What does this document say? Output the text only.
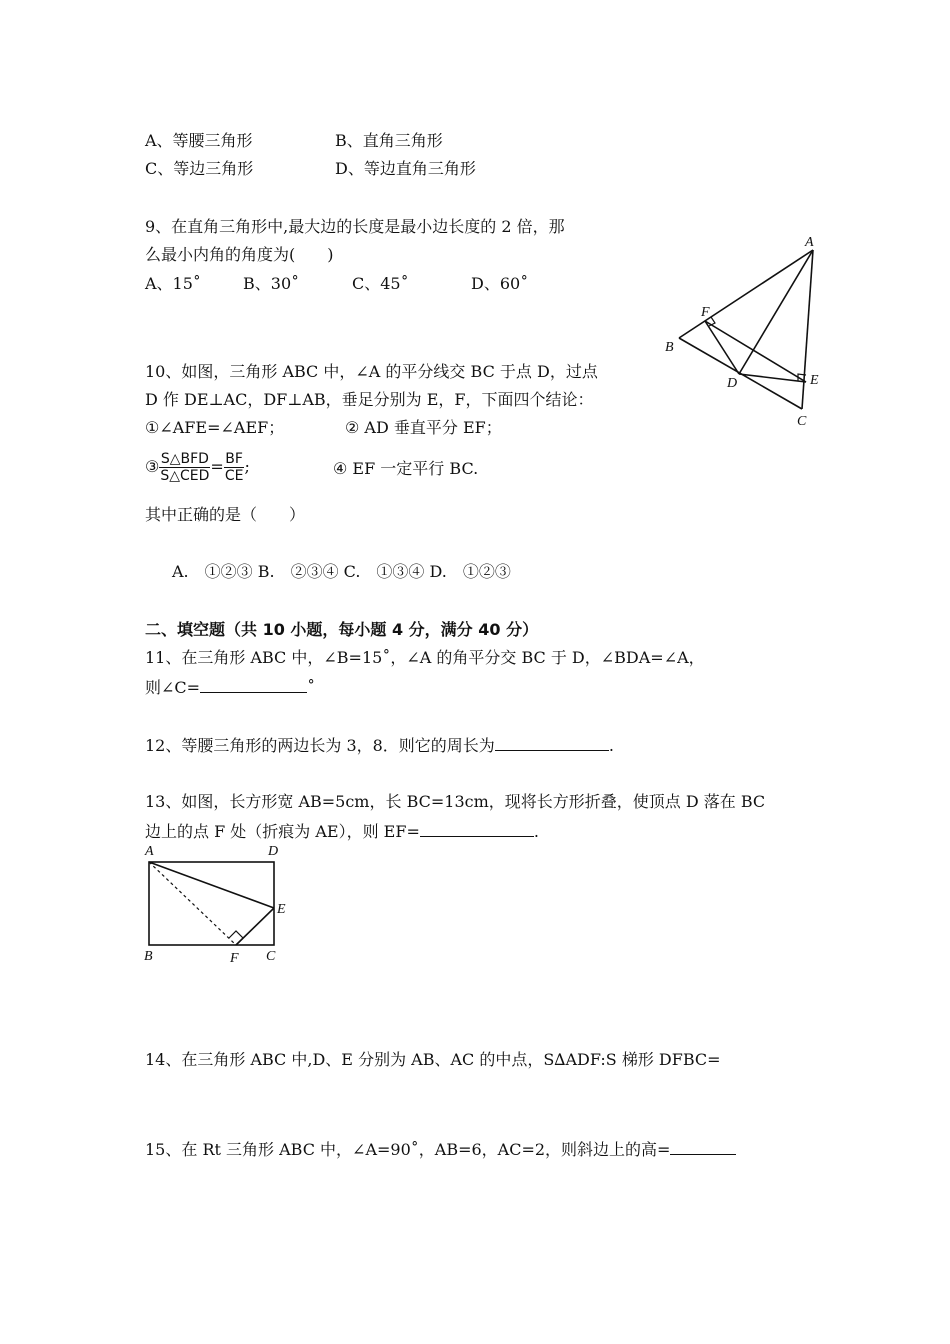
A、等腰三角形	B、直角三角形
C、等边三角形	D、等边直角三角形
9、在直角三角形中,最大边的长度是最小边长度的 2 倍，那
么最小内角的角度为(　　)
A、15˚	B、30˚	C、45˚	D、60˚
A
B
C
D	E
F
10、如图，三角形 ABC 中，∠A 的平分线交 BC 于点 D，过点
D 作 DE⊥AC，DF⊥AB，垂足分别为 E，F，下面四个结论：
①∠AFE=∠AEF；	② AD 垂直平分 EF；
③ $\frac{\text{S△BFD}}{\text{S△CED}} = \frac{BF}{CE}$ ;	④ EF 一定平行 BC.
其中正确的是（　　）
A.　①②③ B.　②③④ C.　①③④ D.　①②③
二、填空题（共 10 小题，每小题 4 分，满分 40 分）
11、在三角形 ABC 中，∠B=15˚，∠A 的角平分交 BC 于 D，∠BDA=∠A，
则∠C=	˚
12、等腰三角形的两边长为 3，8．则它的周长为	.
13、如图，长方形宽 AB=5cm，长 BC=13cm，现将长方形折叠，使顶点 D 落在 BC
边上的点 F 处（折痕为 AE），则 EF=	.
A	D
E
B	F C
14、在三角形 ABC 中,D、E 分别为 AB、AC 的中点，S∆ADF:S 梯形 DFBC=
15、在 Rt 三角形 ABC 中，∠A=90˚，AB=6，AC=2，则斜边上的高=
